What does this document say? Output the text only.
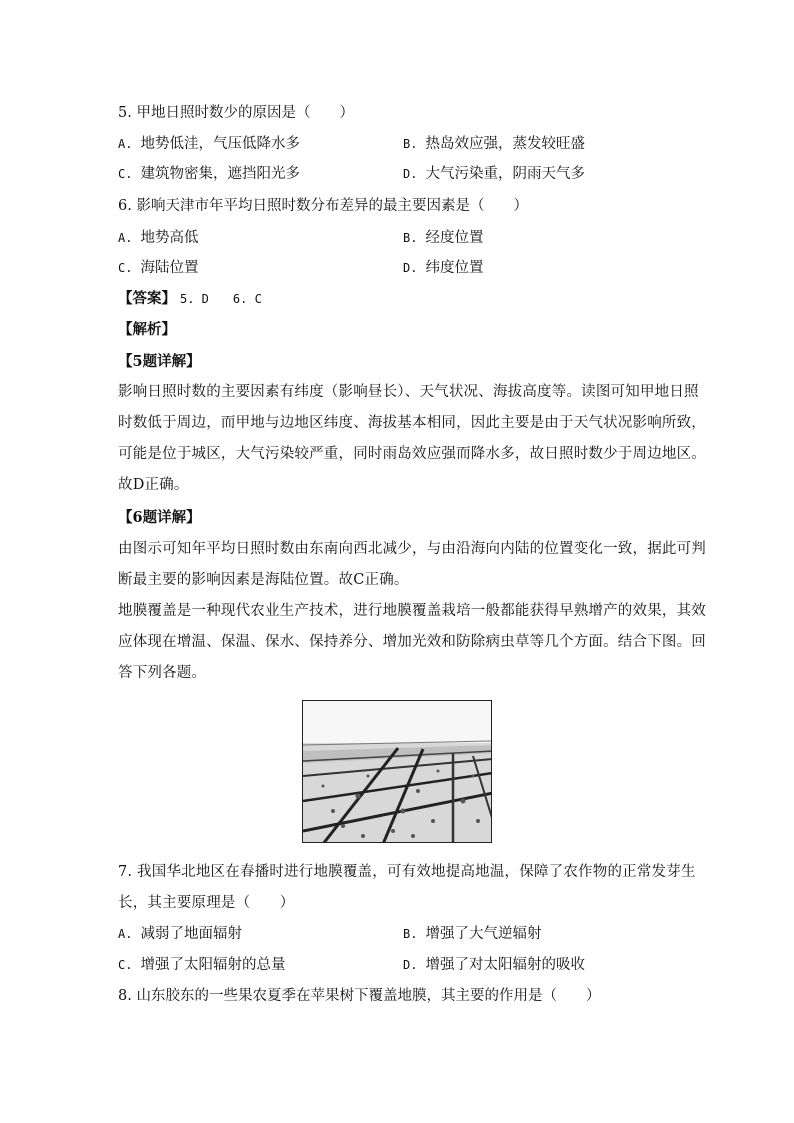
5. 甲地日照时数少的原因是（　　）
A. 地势低洼，气压低降水多	B. 热岛效应强，蒸发较旺盛
C. 建筑物密集，遮挡阳光多	D. 大气污染重，阴雨天气多
6. 影响天津市年平均日照时数分布差异的最主要因素是（　　）
A. 地势高低	B. 经度位置
C. 海陆位置	D. 纬度位置
【答案】 5. D　　6. C
【解析】
【5题详解】
影响日照时数的主要因素有纬度（影响昼长）、天气状况、海拔高度等。读图可知甲地日照
时数低于周边，而甲地与边地区纬度、海拔基本相同，因此主要是由于天气状况影响所致，
可能是位于城区，大气污染较严重，同时雨岛效应强而降水多，故日照时数少于周边地区。
故D正确。
【6题详解】
由图示可知年平均日照时数由东南向西北减少，与由沿海向内陆的位置变化一致，据此可判
断最主要的影响因素是海陆位置。故C正确。
地膜覆盖是一种现代农业生产技术，进行地膜覆盖栽培一般都能获得早熟增产的效果，其效
应体现在增温、保温、保水、保持养分、增加光效和防除病虫草等几个方面。结合下图。回
答下列各题。
7. 我国华北地区在春播时进行地膜覆盖，可有效地提高地温，保障了农作物的正常发芽生
长，其主要原理是（　　）
A. 减弱了地面辐射	B. 增强了大气逆辐射
C. 增强了太阳辐射的总量	D. 增强了对太阳辐射的吸收
8. 山东胶东的一些果农夏季在苹果树下覆盖地膜，其主要的作用是（　　）
